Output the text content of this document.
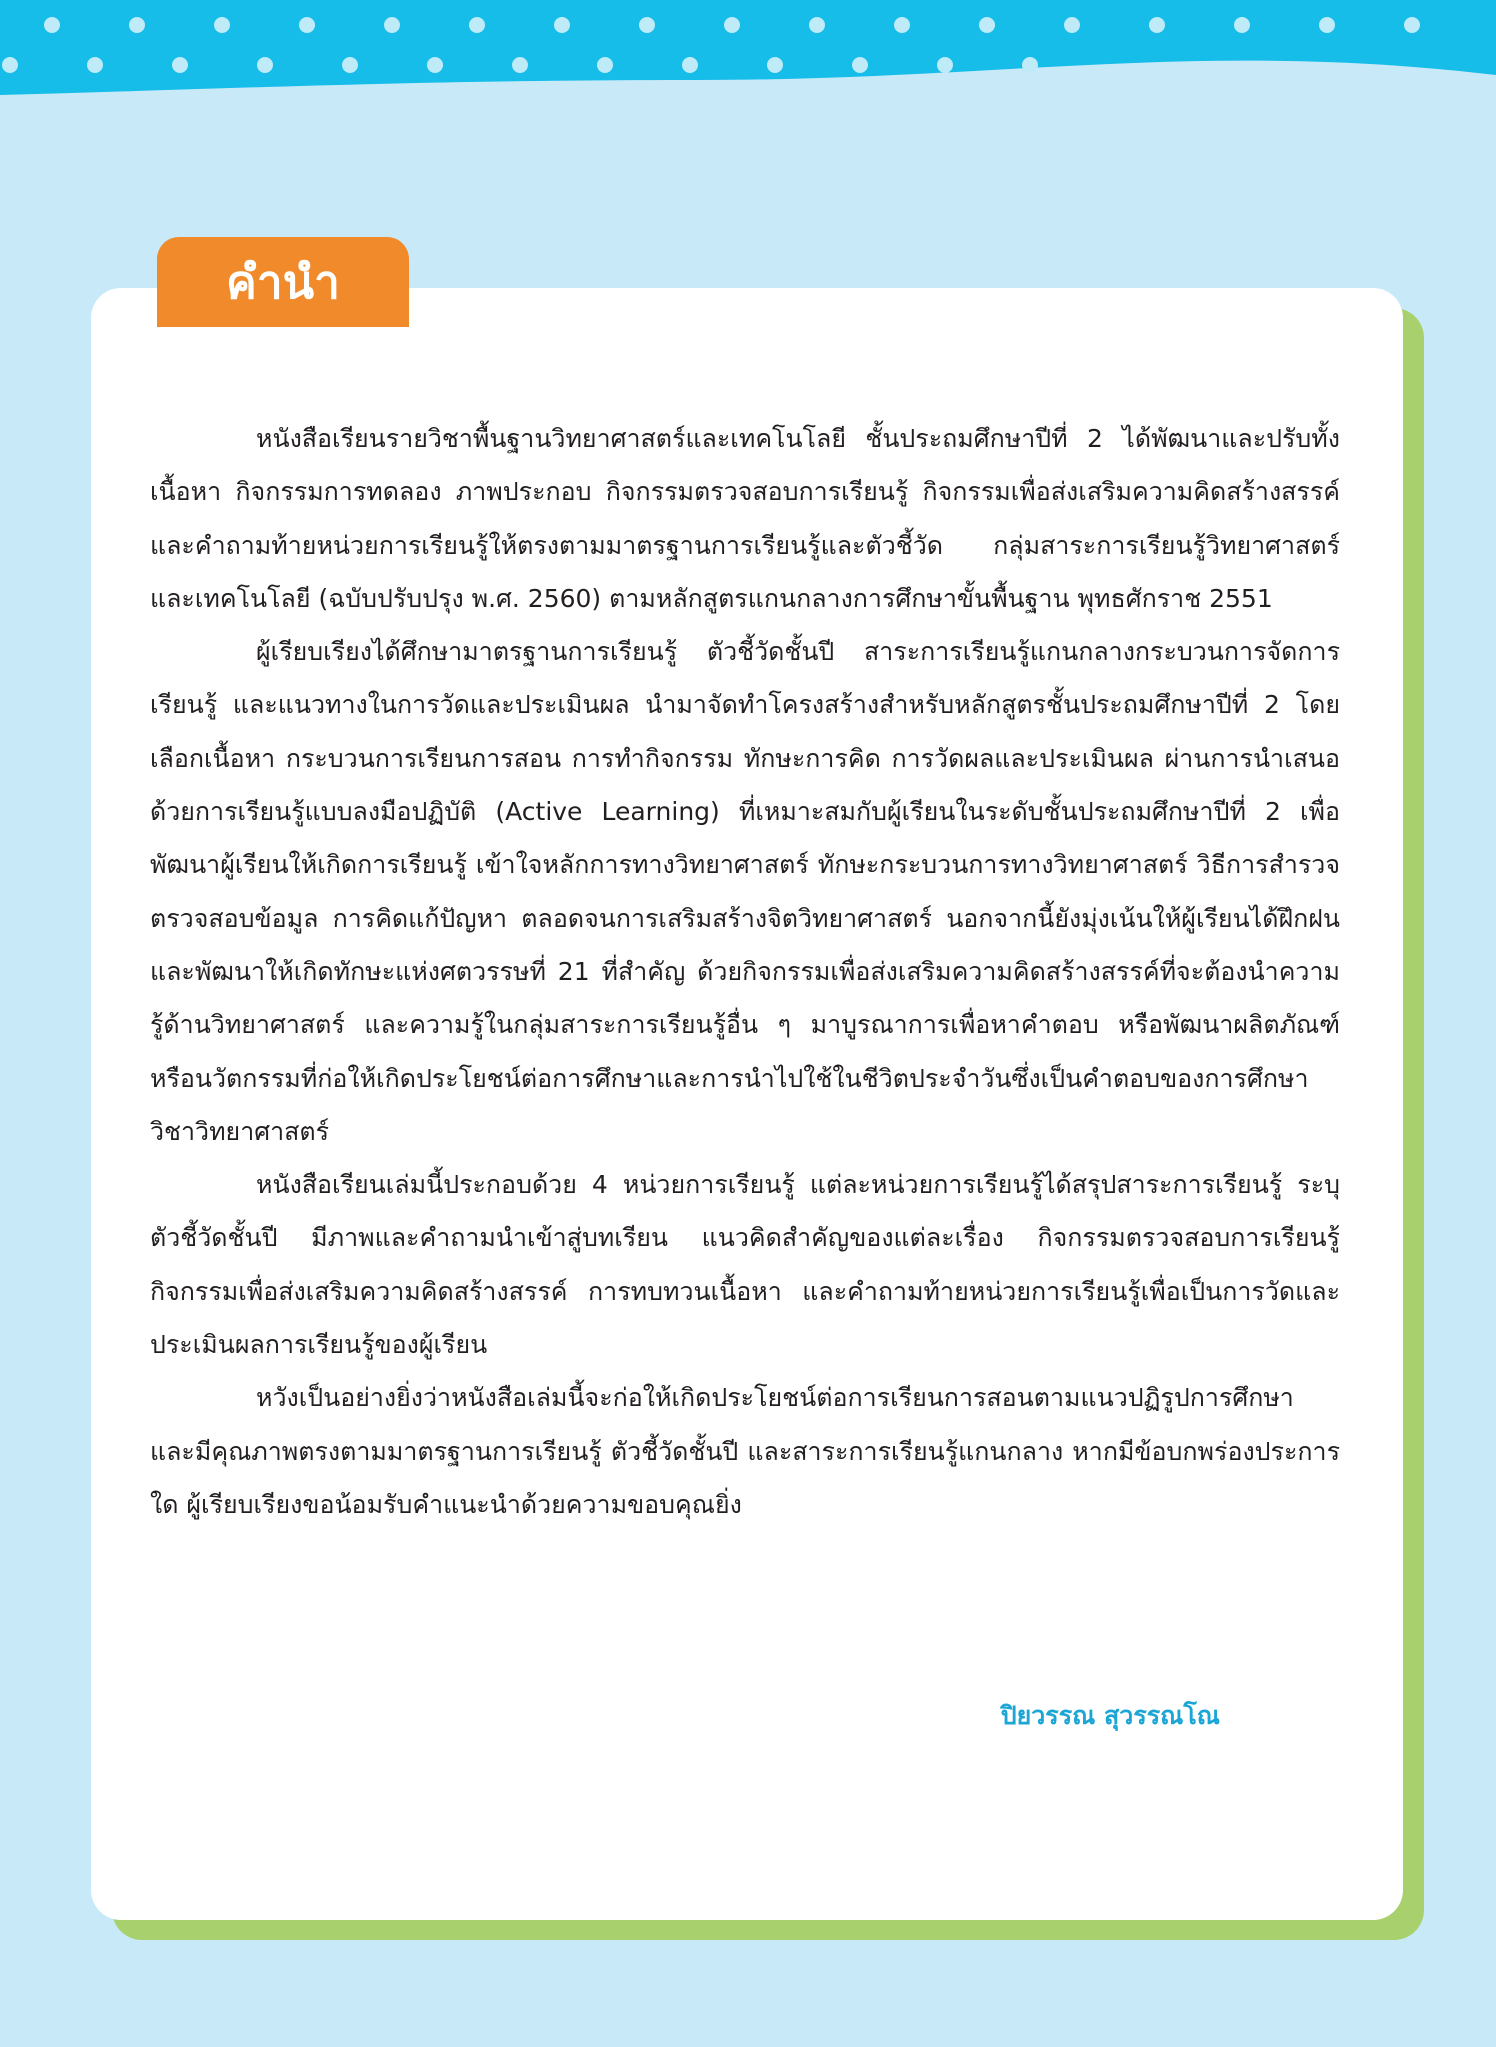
คำนำ

หนังสือเรียนรายวิชาพื้นฐานวิทยาศาสตร์และเทคโนโลยี ชั้นประถมศึกษาปีที่ 2 ได้พัฒนาและปรับทั้งเนื้อหา กิจกรรมการทดลอง ภาพประกอบ กิจกรรมตรวจสอบการเรียนรู้ กิจกรรมเพื่อส่งเสริมความคิดสร้างสรรค์และคำถามท้ายหน่วยการเรียนรู้ให้ตรงตามมาตรฐานการเรียนรู้และตัวชี้วัด กลุ่มสาระการเรียนรู้วิทยาศาสตร์และเทคโนโลยี (ฉบับปรับปรุง พ.ศ. 2560) ตามหลักสูตรแกนกลางการศึกษาขั้นพื้นฐาน พุทธศักราช 2551

ผู้เรียบเรียงได้ศึกษามาตรฐานการเรียนรู้ ตัวชี้วัดชั้นปี สาระการเรียนรู้แกนกลางกระบวนการจัดการเรียนรู้ และแนวทางในการวัดและประเมินผล นำมาจัดทำโครงสร้างสำหรับหลักสูตรชั้นประถมศึกษาปีที่ 2 โดยเลือกเนื้อหา กระบวนการเรียนการสอน การทำกิจกรรม ทักษะการคิด การวัดผลและประเมินผล ผ่านการนำเสนอด้วยการเรียนรู้แบบลงมือปฏิบัติ (Active Learning) ที่เหมาะสมกับผู้เรียนในระดับชั้นประถมศึกษาปีที่ 2 เพื่อพัฒนาผู้เรียนให้เกิดการเรียนรู้ เข้าใจหลักการทางวิทยาศาสตร์ ทักษะกระบวนการทางวิทยาศาสตร์ วิธีการสำรวจตรวจสอบข้อมูล การคิดแก้ปัญหา ตลอดจนการเสริมสร้างจิตวิทยาศาสตร์ นอกจากนี้ยังมุ่งเน้นให้ผู้เรียนได้ฝึกฝนและพัฒนาให้เกิดทักษะแห่งศตวรรษที่ 21 ที่สำคัญ ด้วยกิจกรรมเพื่อส่งเสริมความคิดสร้างสรรค์ที่จะต้องนำความรู้ด้านวิทยาศาสตร์ และความรู้ในกลุ่มสาระการเรียนรู้อื่น ๆ มาบูรณาการเพื่อหาคำตอบ หรือพัฒนาผลิตภัณฑ์ หรือนวัตกรรมที่ก่อให้เกิดประโยชน์ต่อการศึกษาและการนำไปใช้ในชีวิตประจำวันซึ่งเป็นคำตอบของการศึกษาวิชาวิทยาศาสตร์

หนังสือเรียนเล่มนี้ประกอบด้วย 4 หน่วยการเรียนรู้ แต่ละหน่วยการเรียนรู้ได้สรุปสาระการเรียนรู้ ระบุตัวชี้วัดชั้นปี มีภาพและคำถามนำเข้าสู่บทเรียน แนวคิดสำคัญของแต่ละเรื่อง กิจกรรมตรวจสอบการเรียนรู้ กิจกรรมเพื่อส่งเสริมความคิดสร้างสรรค์ การทบทวนเนื้อหา และคำถามท้ายหน่วยการเรียนรู้เพื่อเป็นการวัดและประเมินผลการเรียนรู้ของผู้เรียน

หวังเป็นอย่างยิ่งว่าหนังสือเล่มนี้จะก่อให้เกิดประโยชน์ต่อการเรียนการสอนตามแนวปฏิรูปการศึกษา และมีคุณภาพตรงตามมาตรฐานการเรียนรู้ ตัวชี้วัดชั้นปี และสาระการเรียนรู้แกนกลาง หากมีข้อบกพร่องประการใด ผู้เรียบเรียงขอน้อมรับคำแนะนำด้วยความขอบคุณยิ่ง

ปิยวรรณ สุวรรณโณ
